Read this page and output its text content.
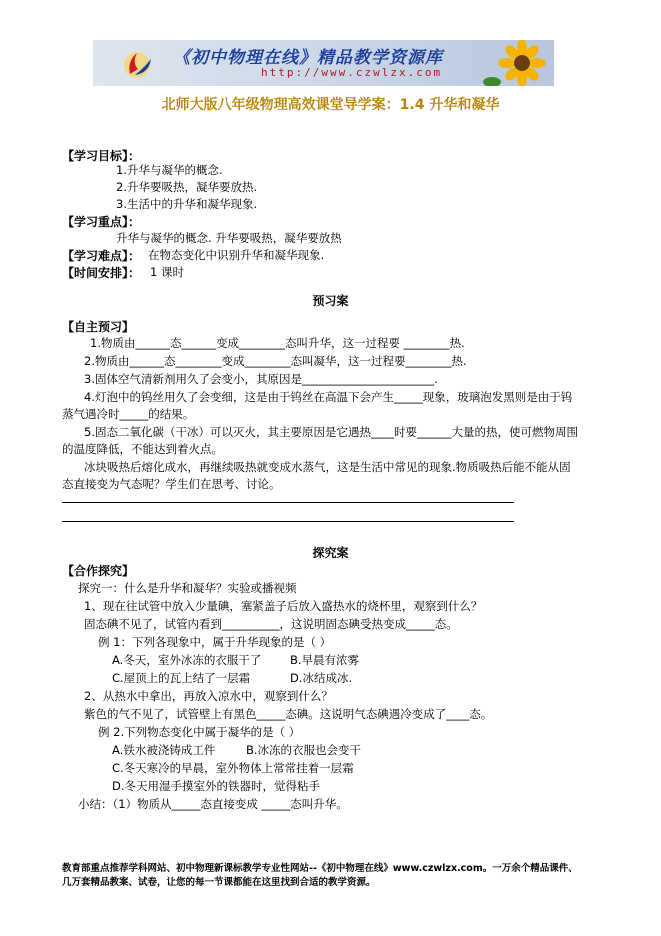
《初中物理在线》精品教学资源库
http://www.czwlzx.com
北师大版八年级物理高效课堂导学案：1.4 升华和凝华
【学习目标】：
1.升华与凝华的概念.
2.升华要吸热，凝华要放热.
3.生活中的升华和凝华现象.
【学习重点】：
升华与凝华的概念. 升华要吸热，凝华要放热
【学习难点】： 在物态变化中识别升华和凝华现象.
【时间安排】： 1 课时
预习案
【自主预习】
1.物质由______态______变成________态叫升华，这一过程要 ________热.
2.物质由______态________变成________态叫凝华，这一过程要________热.
3.固体空气清新剂用久了会变小，其原因是_______________________.
4.灯泡中的钨丝用久了会变细，这是由于钨丝在高温下会产生_____现象，玻璃泡发黑则是由于钨
蒸气遇冷时_____的结果。
5.固态二氧化碳（干冰）可以灭火，其主要原因是它遇热____时要______大量的热，使可燃物周围
的温度降低，不能达到着火点。
冰块吸热后熔化成水，再继续吸热就变成水蒸气，这是生活中常见的现象.物质吸热后能不能从固
态直接变为气态呢？学生们在思考、讨论。
探究案
【合作探究】
探究一：什么是升华和凝华？实验或播视频
1、现在往试管中放入少量碘，塞紧盖子后放入盛热水的烧杯里，观察到什么？
固态碘不见了，试管内看到__________，这说明固态碘受热变成_____态。
例 1：下列各现象中，属于升华现象的是（ ）
A.冬天，室外冰冻的衣服干了 B.早晨有浓雾
C.屋顶上的瓦上结了一层霜	D.冰结成冰.
2、从热水中拿出，再放入凉水中，观察到什么？
紫色的气不见了，试管壁上有黑色_____态碘。这说明气态碘遇冷变成了____态。
例 2.下列物态变化中属于凝华的是（ ）
A.铁水被浇铸成工件	B.冰冻的衣服也会变干
C.冬天寒冷的早晨，室外物体上常常挂着一层霜
D.冬天用湿手摸室外的铁器时，觉得粘手
小结：（1）物质从_____态直接变成 _____态叫升华。
教育部重点推荐学科网站、初中物理新课标教学专业性网站--《初中物理在线》www.czwlzx.com。一万余个精品课件、
几万套精品教案、试卷，让您的每一节课都能在这里找到合适的教学资源。
